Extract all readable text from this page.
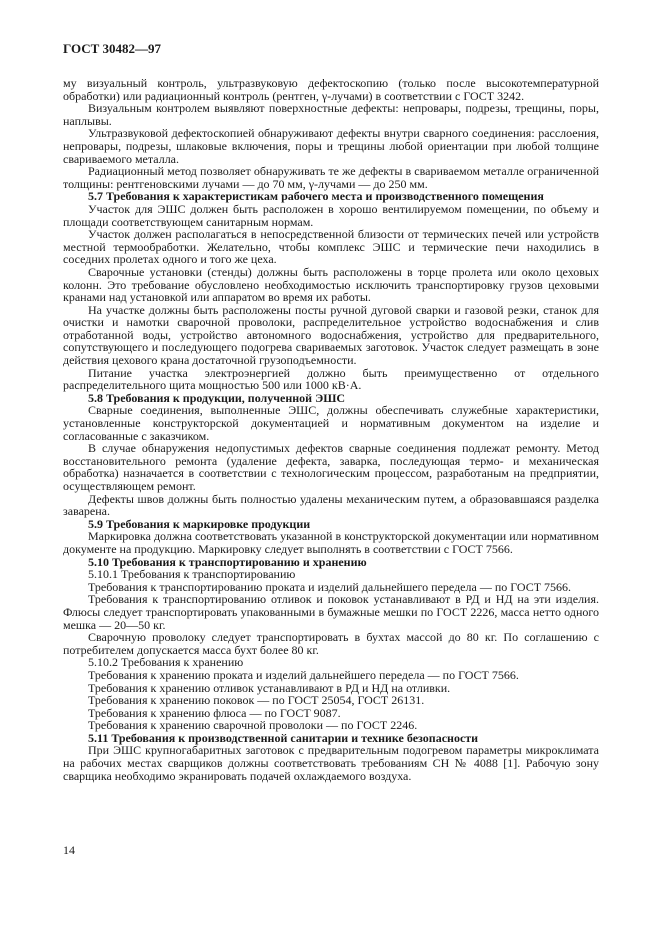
ГОСТ 30482—97

му визуальный контроль, ультразвуковую дефектоскопию (только после высокотемпературной обработки) или радиационный контроль (рентген, γ-лучами) в соответствии с ГОСТ 3242.

Визуальным контролем выявляют поверхностные дефекты: непровары, подрезы, трещины, поры, наплывы.

Ультразвуковой дефектоскопией обнаруживают дефекты внутри сварного соединения: расслоения, непровары, подрезы, шлаковые включения, поры и трещины любой ориентации при любой толщине свариваемого металла.

Радиационный метод позволяет обнаруживать те же дефекты в свариваемом металле ограниченной толщины: рентгеновскими лучами — до 70 мм, γ-лучами — до 250 мм.

5.7 Требования к характеристикам рабочего места и производственного помещения

Участок для ЭШС должен быть расположен в хорошо вентилируемом помещении, по объему и площади соответствующем санитарным нормам.

Участок должен располагаться в непосредственной близости от термических печей или устройств местной термообработки. Желательно, чтобы комплекс ЭШС и термические печи находились в соседних пролетах одного и того же цеха.

Сварочные установки (стенды) должны быть расположены в торце пролета или около цеховых колонн. Это требование обусловлено необходимостью исключить транспортировку грузов цеховыми кранами над установкой или аппаратом во время их работы.

На участке должны быть расположены посты ручной дуговой сварки и газовой резки, станок для очистки и намотки сварочной проволоки, распределительное устройство водоснабжения и слив отработанной воды, устройство автономного водоснабжения, устройство для предварительного, сопутствующего и последующего подогрева свариваемых заготовок. Участок следует размещать в зоне действия цехового крана достаточной грузоподъемности.

Питание участка электроэнергией должно быть преимущественно от отдельного распределительного щита мощностью 500 или 1000 кВ·А.

5.8 Требования к продукции, полученной ЭШС

Сварные соединения, выполненные ЭШС, должны обеспечивать служебные характеристики, установленные конструкторской документацией и нормативным документом на изделие и согласованные с заказчиком.

В случае обнаружения недопустимых дефектов сварные соединения подлежат ремонту. Метод восстановительного ремонта (удаление дефекта, заварка, последующая термо- и механическая обработка) назначается в соответствии с технологическим процессом, разработаным на предприятии, осуществляющем ремонт.

Дефекты швов должны быть полностью удалены механическим путем, а образовавшаяся разделка заварена.

5.9 Требования к маркировке продукции

Маркировка должна соответствовать указанной в конструкторской документации или нормативном документе на продукцию. Маркировку следует выполнять в соответствии с ГОСТ 7566.

5.10 Требования к транспортированию и хранению

5.10.1 Требования к транспортированию

Требования к транспортированию проката и изделий дальнейшего передела — по ГОСТ 7566.

Требования к транспортированию отливок и поковок устанавливают в РД и НД на эти изделия. Флюсы следует транспортировать упакованными в бумажные мешки по ГОСТ 2226, масса нетто одного мешка — 20—50 кг.

Сварочную проволоку следует транспортировать в бухтах массой до 80 кг. По соглашению с потребителем допускается масса бухт более 80 кг.

5.10.2 Требования к хранению

Требования к хранению проката и изделий дальнейшего передела — по ГОСТ 7566.

Требования к хранению отливок устанавливают в РД и НД на отливки.

Требования к хранению поковок — по ГОСТ 25054, ГОСТ 26131.

Требования к хранению флюса — по ГОСТ 9087.

Требования к хранению сварочной проволоки — по ГОСТ 2246.

5.11 Требования к производственной санитарии и технике безопасности

При ЭШС крупногабаритных заготовок с предварительным подогревом параметры микроклимата на рабочих местах сварщиков должны соответствовать требованиям СН № 4088 [1]. Рабочую зону сварщика необходимо экранировать подачей охлаждаемого воздуха.

14
